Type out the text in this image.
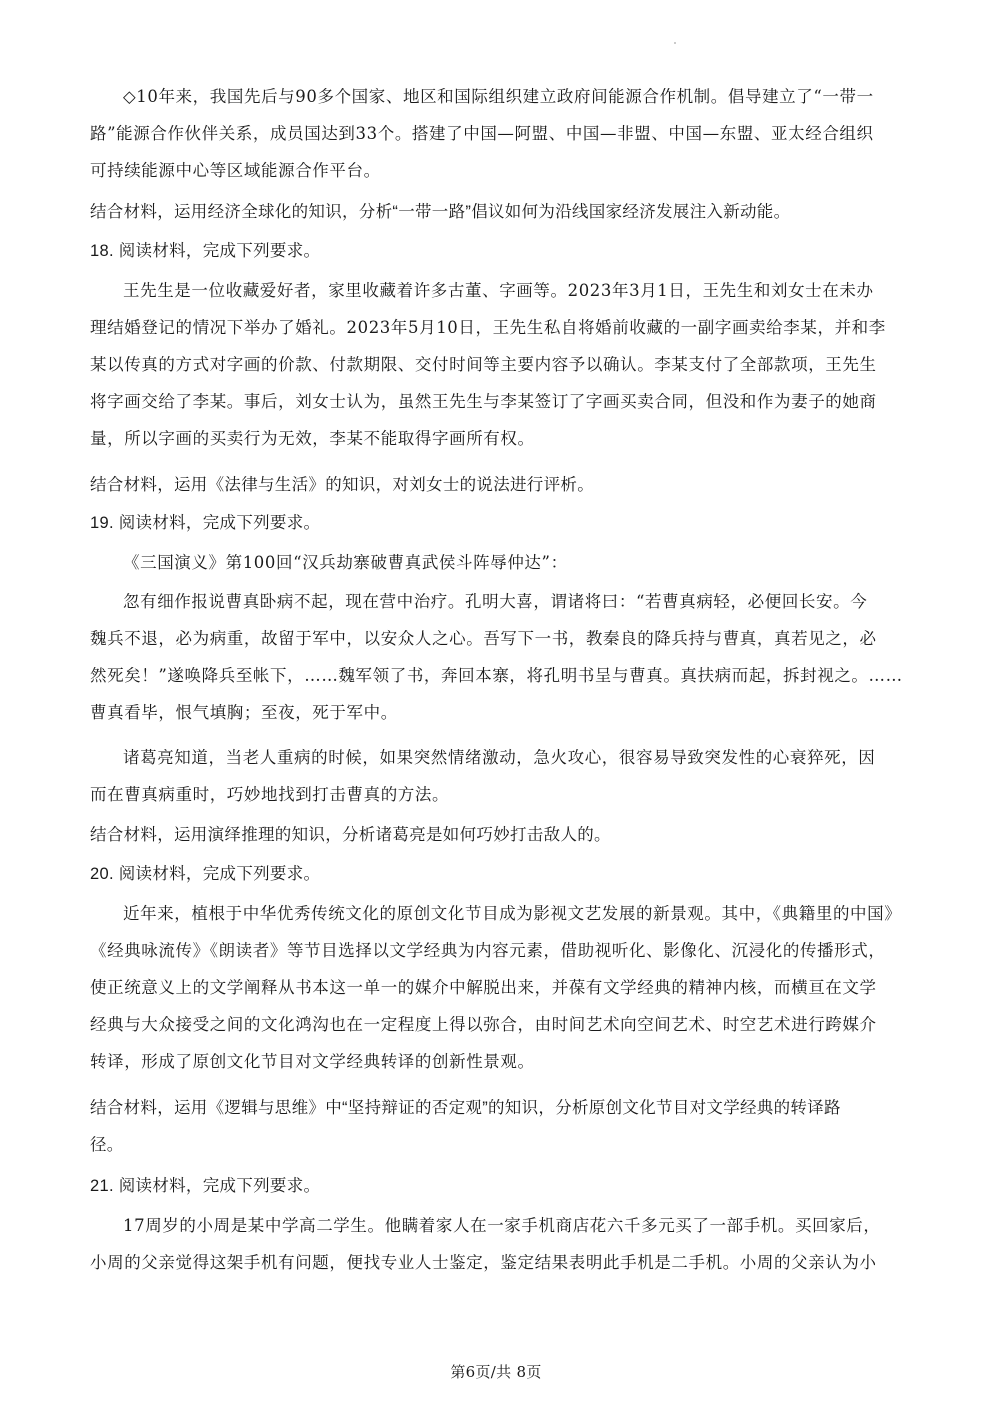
◇10年来，我国先后与90多个国家、地区和国际组织建立政府间能源合作机制。倡导建立了“一带一
路”能源合作伙伴关系，成员国达到33个。搭建了中国—阿盟、中国—非盟、中国—东盟、亚太经合组织
可持续能源中心等区域能源合作平台。
结合材料，运用经济全球化的知识，分析“一带一路”倡议如何为沿线国家经济发展注入新动能。
18. 阅读材料，完成下列要求。
王先生是一位收藏爱好者，家里收藏着许多古董、字画等。2023年3月1日，王先生和刘女士在未办
理结婚登记的情况下举办了婚礼。2023年5月10日，王先生私自将婚前收藏的一副字画卖给李某，并和李
某以传真的方式对字画的价款、付款期限、交付时间等主要内容予以确认。李某支付了全部款项，王先生
将字画交给了李某。事后，刘女士认为，虽然王先生与李某签订了字画买卖合同，但没和作为妻子的她商
量，所以字画的买卖行为无效，李某不能取得字画所有权。
结合材料，运用《法律与生活》的知识，对刘女士的说法进行评析。
19. 阅读材料，完成下列要求。
《三国演义》第100回“汉兵劫寨破曹真武侯斗阵辱仲达”：
忽有细作报说曹真卧病不起，现在营中治疗。孔明大喜，谓诸将曰：“若曹真病轻，必便回长安。今
魏兵不退，必为病重，故留于军中，以安众人之心。吾写下一书，教秦良的降兵持与曹真，真若见之，必
然死矣！”遂唤降兵至帐下，……魏军领了书，奔回本寨，将孔明书呈与曹真。真扶病而起，拆封视之。……
曹真看毕，恨气填胸；至夜，死于军中。
诸葛亮知道，当老人重病的时候，如果突然情绪激动，急火攻心，很容易导致突发性的心衰猝死，因
而在曹真病重时，巧妙地找到打击曹真的方法。
结合材料，运用演绎推理的知识，分析诸葛亮是如何巧妙打击敌人的。
20. 阅读材料，完成下列要求。
近年来，植根于中华优秀传统文化的原创文化节目成为影视文艺发展的新景观。其中，《典籍里的中国》
《经典咏流传》《朗读者》等节目选择以文学经典为内容元素，借助视听化、影像化、沉浸化的传播形式，
使正统意义上的文学阐释从书本这一单一的媒介中解脱出来，并葆有文学经典的精神内核，而横亘在文学
经典与大众接受之间的文化鸿沟也在一定程度上得以弥合，由时间艺术向空间艺术、时空艺术进行跨媒介
转译，形成了原创文化节目对文学经典转译的创新性景观。
结合材料，运用《逻辑与思维》中“坚持辩证的否定观”的知识，分析原创文化节目对文学经典的转译路
径。
21. 阅读材料，完成下列要求。
17周岁的小周是某中学高二学生。他瞒着家人在一家手机商店花六千多元买了一部手机。买回家后，
小周的父亲觉得这架手机有问题，便找专业人士鉴定，鉴定结果表明此手机是二手机。小周的父亲认为小
第6页/共 8页
